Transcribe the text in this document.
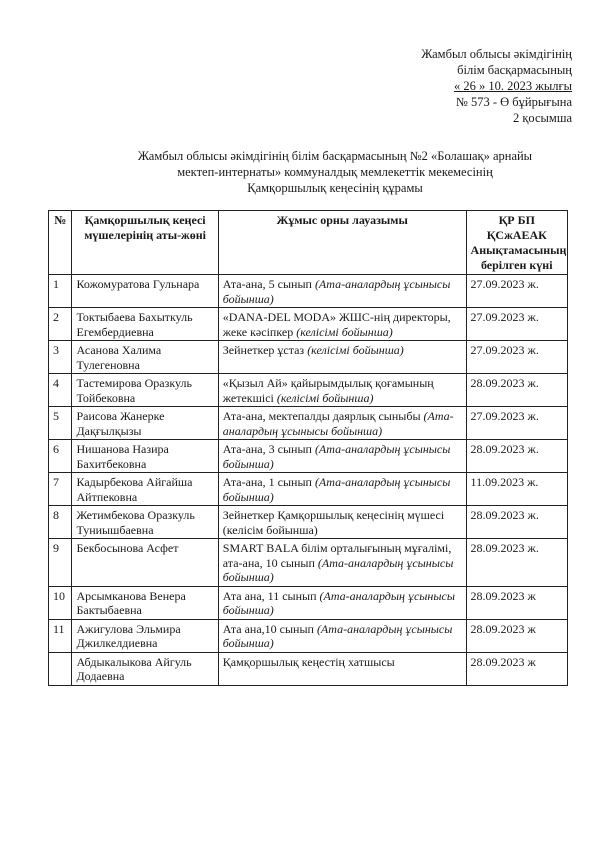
Жамбыл облысы әкімдігінің
білім басқармасының
« 26 » 10. 2023 жылғы
№ 573 - Ө бұйрығына
2 қосымша
Жамбыл облысы әкімдігінің білім басқармасының №2 «Болашақ» арнайы
мектеп-интернаты» коммуналдық мемлекеттік мекемесінің
Қамқоршылық кеңесінің құрамы
№	Қамқоршылық кеңесі мүшелерінің аты-жөні	Жұмыс орны лауазымы	ҚР БП ҚСжАЕАК Анықтамасының берілген күні
1	Кожомуратова Гульнара	Ата-ана, 5 сынып (Ата-аналардың ұсынысы бойынша)	27.09.2023 ж.
2	Токтыбаева Бахыткуль Егембердиевна	«DANA-DEL MODA» ЖШС-нің директоры, жеке кәсіпкер (келісімі бойынша)	27.09.2023 ж.
3	Асанова Халима Тулегеновна	Зейнеткер ұстаз (келісімі бойынша)	27.09.2023 ж.
4	Тастемирова Оразкуль Тойбековна	«Қызыл Ай» қайырымдылық қоғамының жетекшісі (келісімі бойынша)	28.09.2023 ж.
5	Раисова Жанерке Дақғылқызы	Ата-ана, мектепалды даярлық сыныбы (Ата-аналардың ұсынысы бойынша)	27.09.2023 ж.
6	Нишанова Назира Бахитбековна	Ата-ана, 3 сынып (Ата-аналардың ұсынысы бойынша)	28.09.2023 ж.
7	Кадырбекова Айгайша Айтпековна	Ата-ана, 1 сынып (Ата-аналардың ұсынысы бойынша)	11.09.2023 ж.
8	Жетимбекова Оразкуль Туниышбаевна	Зейнеткер Қамқоршылық кеңесінің мүшесі (келісім бойынша)	28.09.2023 ж.
9	Бекбосынова Асфет	SMART BALA білім орталығының мұғалімі, ата-ана, 10 сынып (Ата-аналардың ұсынысы бойынша)	28.09.2023 ж.
10	Арсымканова Венера Бактыбаевна	Ата ана, 11 сынып (Ата-аналардың ұсынысы бойынша)	28.09.2023 ж
11	Ажигулова Эльмира Джилкелдиевна	Ата ана,10 сынып (Ата-аналардың ұсынысы бойынша)	28.09.2023 ж
	Абдыкалыкова Айгуль Додаевна	Қамқоршылық кеңестің хатшысы	28.09.2023 ж
